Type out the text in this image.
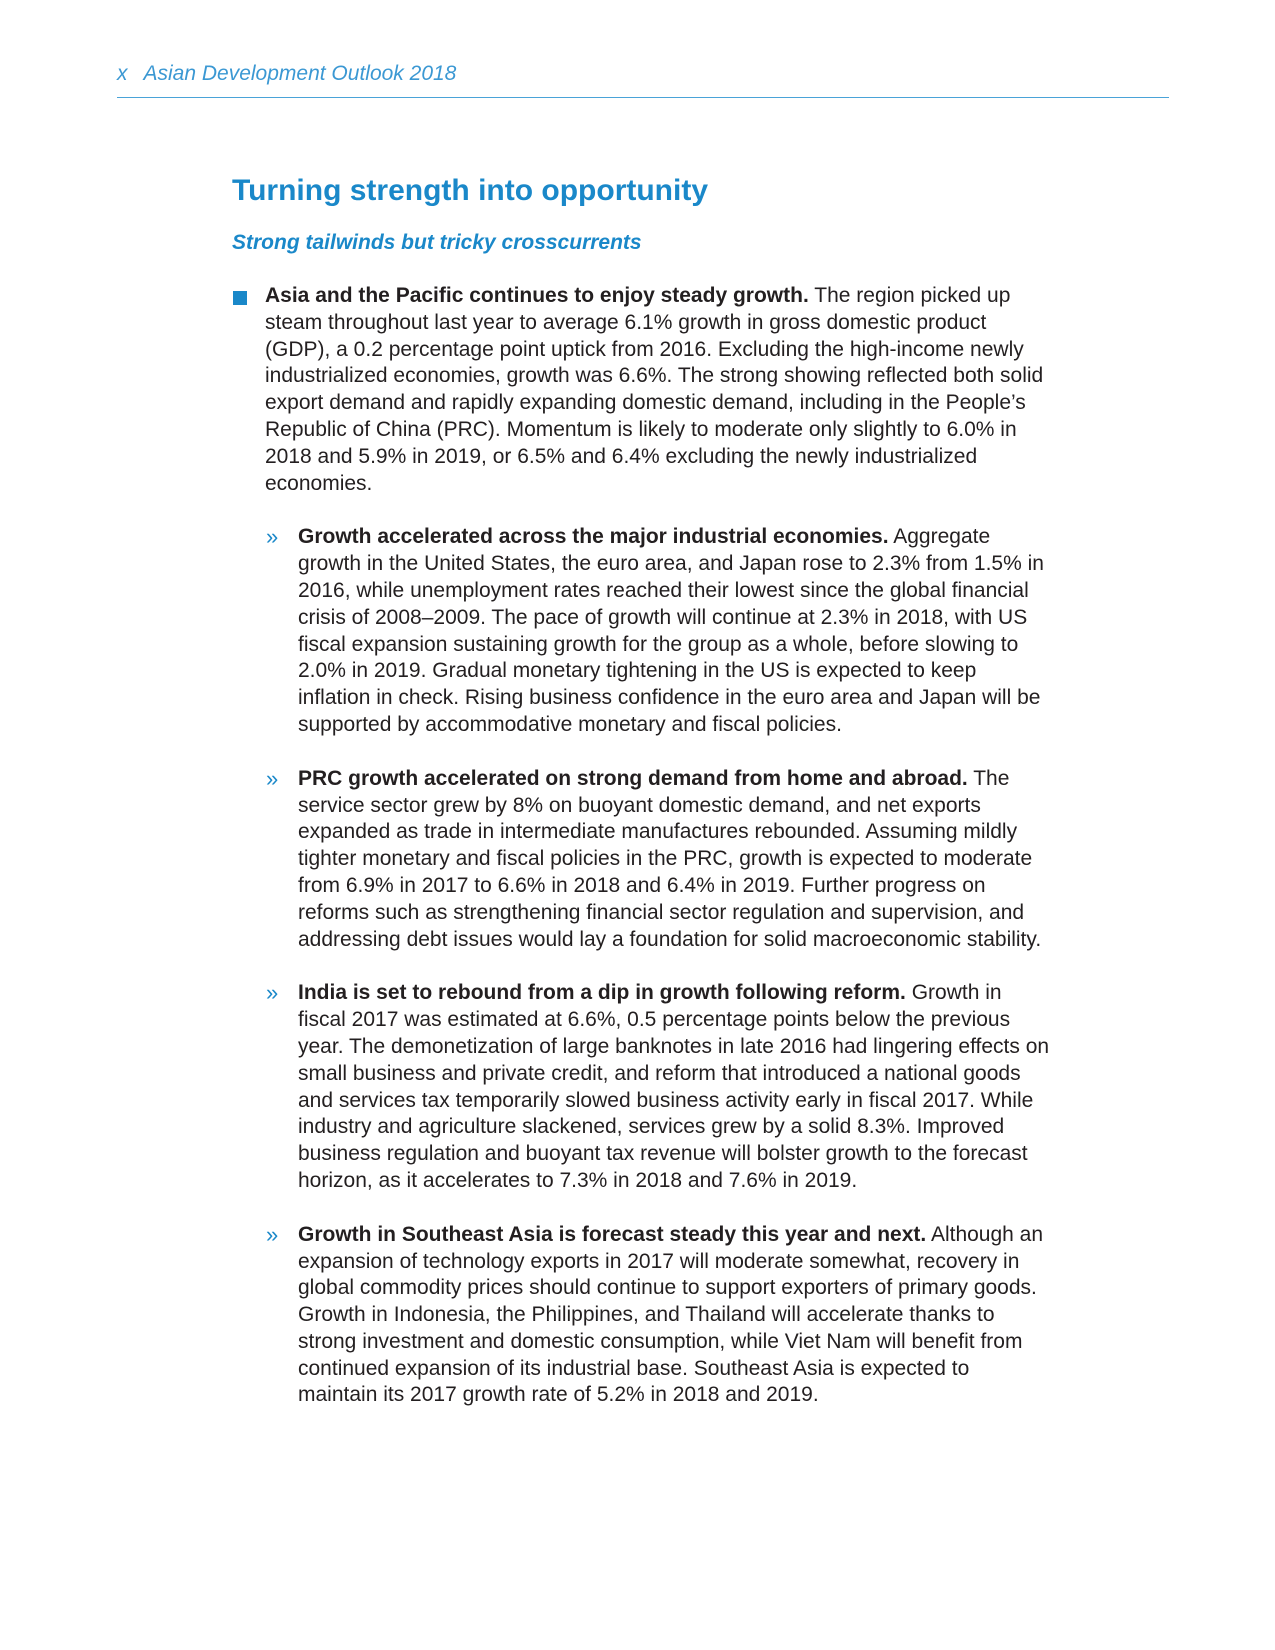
x Asian Development Outlook 2018
Turning strength into opportunity
Strong tailwinds but tricky crosscurrents
Asia and the Pacific continues to enjoy steady growth. The region picked up steam throughout last year to average 6.1% growth in gross domestic product (GDP), a 0.2 percentage point uptick from 2016. Excluding the high-income newly industrialized economies, growth was 6.6%. The strong showing reflected both solid export demand and rapidly expanding domestic demand, including in the People’s Republic of China (PRC). Momentum is likely to moderate only slightly to 6.0% in 2018 and 5.9% in 2019, or 6.5% and 6.4% excluding the newly industrialized economies.
» Growth accelerated across the major industrial economies. Aggregate growth in the United States, the euro area, and Japan rose to 2.3% from 1.5% in 2016, while unemployment rates reached their lowest since the global financial crisis of 2008–2009. The pace of growth will continue at 2.3% in 2018, with US fiscal expansion sustaining growth for the group as a whole, before slowing to 2.0% in 2019. Gradual monetary tightening in the US is expected to keep inflation in check. Rising business confidence in the euro area and Japan will be supported by accommodative monetary and fiscal policies.
» PRC growth accelerated on strong demand from home and abroad. The service sector grew by 8% on buoyant domestic demand, and net exports expanded as trade in intermediate manufactures rebounded. Assuming mildly tighter monetary and fiscal policies in the PRC, growth is expected to moderate from 6.9% in 2017 to 6.6% in 2018 and 6.4% in 2019. Further progress on reforms such as strengthening financial sector regulation and supervision, and addressing debt issues would lay a foundation for solid macroeconomic stability.
» India is set to rebound from a dip in growth following reform. Growth in fiscal 2017 was estimated at 6.6%, 0.5 percentage points below the previous year. The demonetization of large banknotes in late 2016 had lingering effects on small business and private credit, and reform that introduced a national goods and services tax temporarily slowed business activity early in fiscal 2017. While industry and agriculture slackened, services grew by a solid 8.3%. Improved business regulation and buoyant tax revenue will bolster growth to the forecast horizon, as it accelerates to 7.3% in 2018 and 7.6% in 2019.
» Growth in Southeast Asia is forecast steady this year and next. Although an expansion of technology exports in 2017 will moderate somewhat, recovery in global commodity prices should continue to support exporters of primary goods. Growth in Indonesia, the Philippines, and Thailand will accelerate thanks to strong investment and domestic consumption, while Viet Nam will benefit from continued expansion of its industrial base. Southeast Asia is expected to maintain its 2017 growth rate of 5.2% in 2018 and 2019.
